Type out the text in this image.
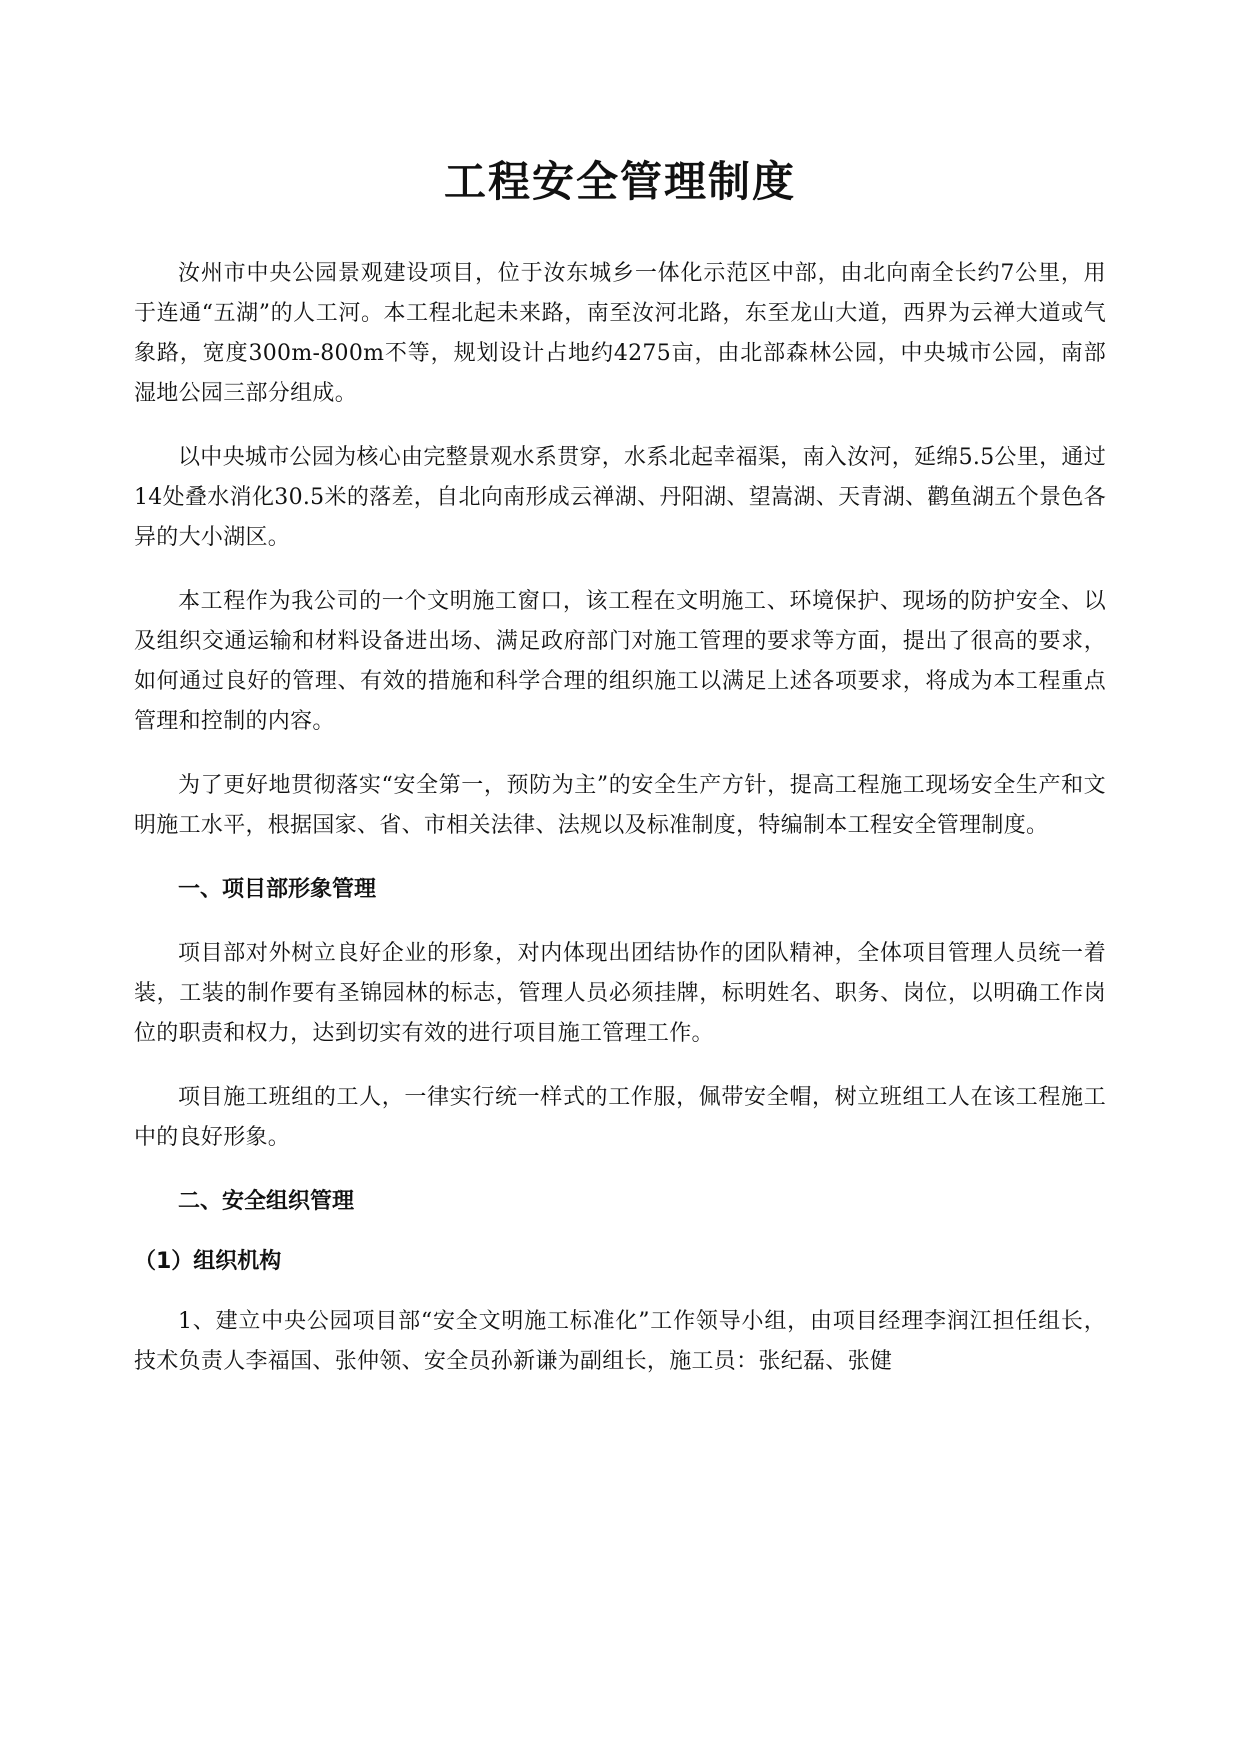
工程安全管理制度

汝州市中央公园景观建设项目，位于汝东城乡一体化示范区中部，由北向南全长约7公里，用于连通“五湖”的人工河。本工程北起未来路，南至汝河北路，东至龙山大道，西界为云禅大道或气象路，宽度300m-800m不等，规划设计占地约4275亩，由北部森林公园，中央城市公园，南部湿地公园三部分组成。

以中央城市公园为核心由完整景观水系贯穿，水系北起幸福渠，南入汝河，延绵5.5公里，通过14处叠水消化30.5米的落差，自北向南形成云禅湖、丹阳湖、望嵩湖、天青湖、鹳鱼湖五个景色各异的大小湖区。

本工程作为我公司的一个文明施工窗口，该工程在文明施工、环境保护、现场的防护安全、以及组织交通运输和材料设备进出场、满足政府部门对施工管理的要求等方面，提出了很高的要求，如何通过良好的管理、有效的措施和科学合理的组织施工以满足上述各项要求，将成为本工程重点管理和控制的内容。

为了更好地贯彻落实“安全第一，预防为主”的安全生产方针，提高工程施工现场安全生产和文明施工水平，根据国家、省、市相关法律、法规以及标准制度，特编制本工程安全管理制度。

一、项目部形象管理

项目部对外树立良好企业的形象，对内体现出团结协作的团队精神，全体项目管理人员统一着装，工装的制作要有圣锦园林的标志，管理人员必须挂牌，标明姓名、职务、岗位，以明确工作岗位的职责和权力，达到切实有效的进行项目施工管理工作。

项目施工班组的工人，一律实行统一样式的工作服，佩带安全帽，树立班组工人在该工程施工中的良好形象。

二、安全组织管理
（1）组织机构

1、建立中央公园项目部“安全文明施工标准化”工作领导小组，由项目经理李润江担任组长，技术负责人李福国、张仲领、安全员孙新谦为副组长，施工员：张纪磊、张健
